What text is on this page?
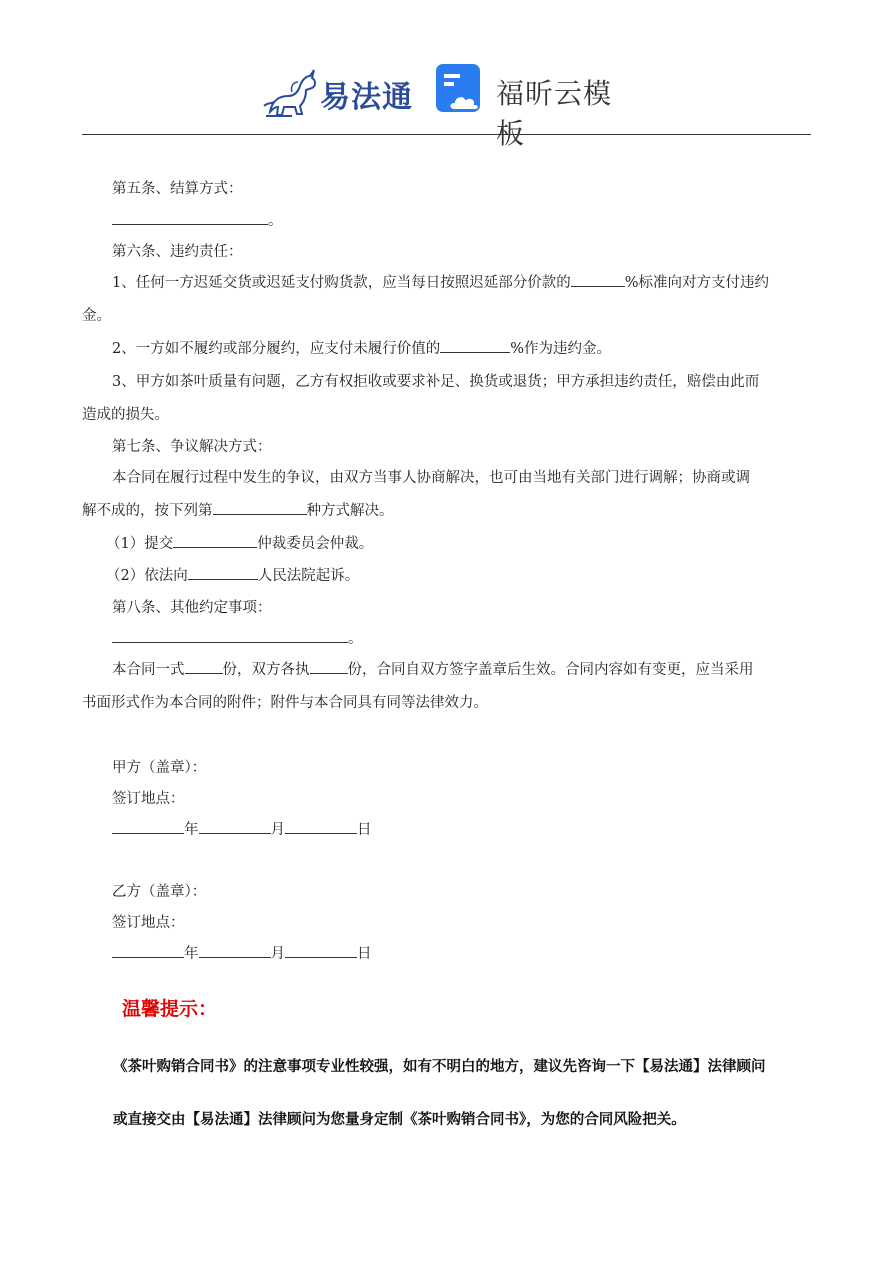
易法通	福昕云模板
第五条、结算方式：
。
第六条、违约责任：
1、任何一方迟延交货或迟延支付购货款，应当每日按照迟延部分价款的	%标准向对方支付违约
金。
2、一方如不履约或部分履约，应支付未履行价值的	%作为违约金。
3、甲方如茶叶质量有问题，乙方有权拒收或要求补足、换货或退货；甲方承担违约责任，赔偿由此而
造成的损失。
第七条、争议解决方式：
本合同在履行过程中发生的争议，由双方当事人协商解决，也可由当地有关部门进行调解；协商或调
解不成的，按下列第	种方式解决。
（1）提交	仲裁委员会仲裁。
（2）依法向	人民法院起诉。
第八条、其他约定事项：
。
本合同一式	份，双方各执	份，合同自双方签字盖章后生效。合同内容如有变更，应当采用
书面形式作为本合同的附件；附件与本合同具有同等法律效力。
甲方（盖章）：
签订地点：
年	月	日
乙方（盖章）：
签订地点：
年	月	日
温馨提示：
《茶叶购销合同书》的注意事项专业性较强，如有不明白的地方，建议先咨询一下【易法通】法律顾问
或直接交由【易法通】法律顾问为您量身定制《茶叶购销合同书》，为您的合同风险把关。
